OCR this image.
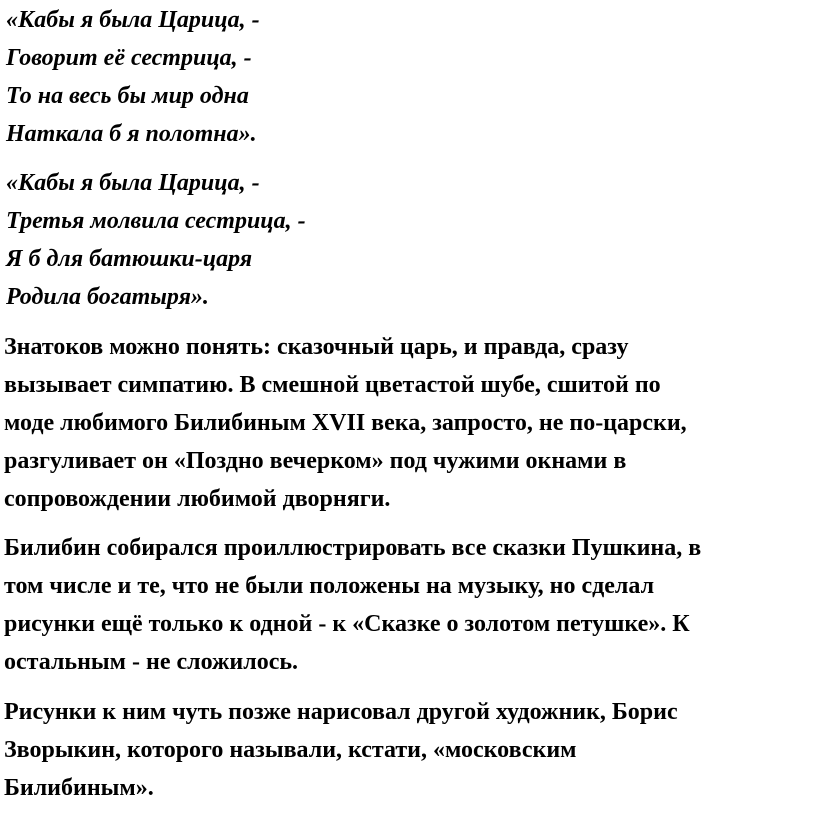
«Кабы я была Царица, -
Говорит её сестрица, -
То на весь бы мир одна
Наткала б я полотна».
«Кабы я была Царица, -
Третья молвила сестрица, -
Я б для батюшки-царя
Родила богатыря».

Знатоков можно понять: сказочный царь, и правда, сразу
вызывает симпатию. В смешной цветастой шубе, сшитой по
моде любимого Билибиным XVII века, запросто, не по-царски,
разгуливает он «Поздно вечерком» под чужими окнами в
сопровождении любимой дворняги.

Билибин собирался проиллюстрировать все сказки Пушкина, в
том числе и те, что не были положены на музыку, но сделал
рисунки ещё только к одной - к «Сказке о золотом петушке». К
остальным - не сложилось.

Рисунки к ним чуть позже нарисовал другой художник, Борис
Зворыкин, которого называли, кстати, «московским
Билибиным».
